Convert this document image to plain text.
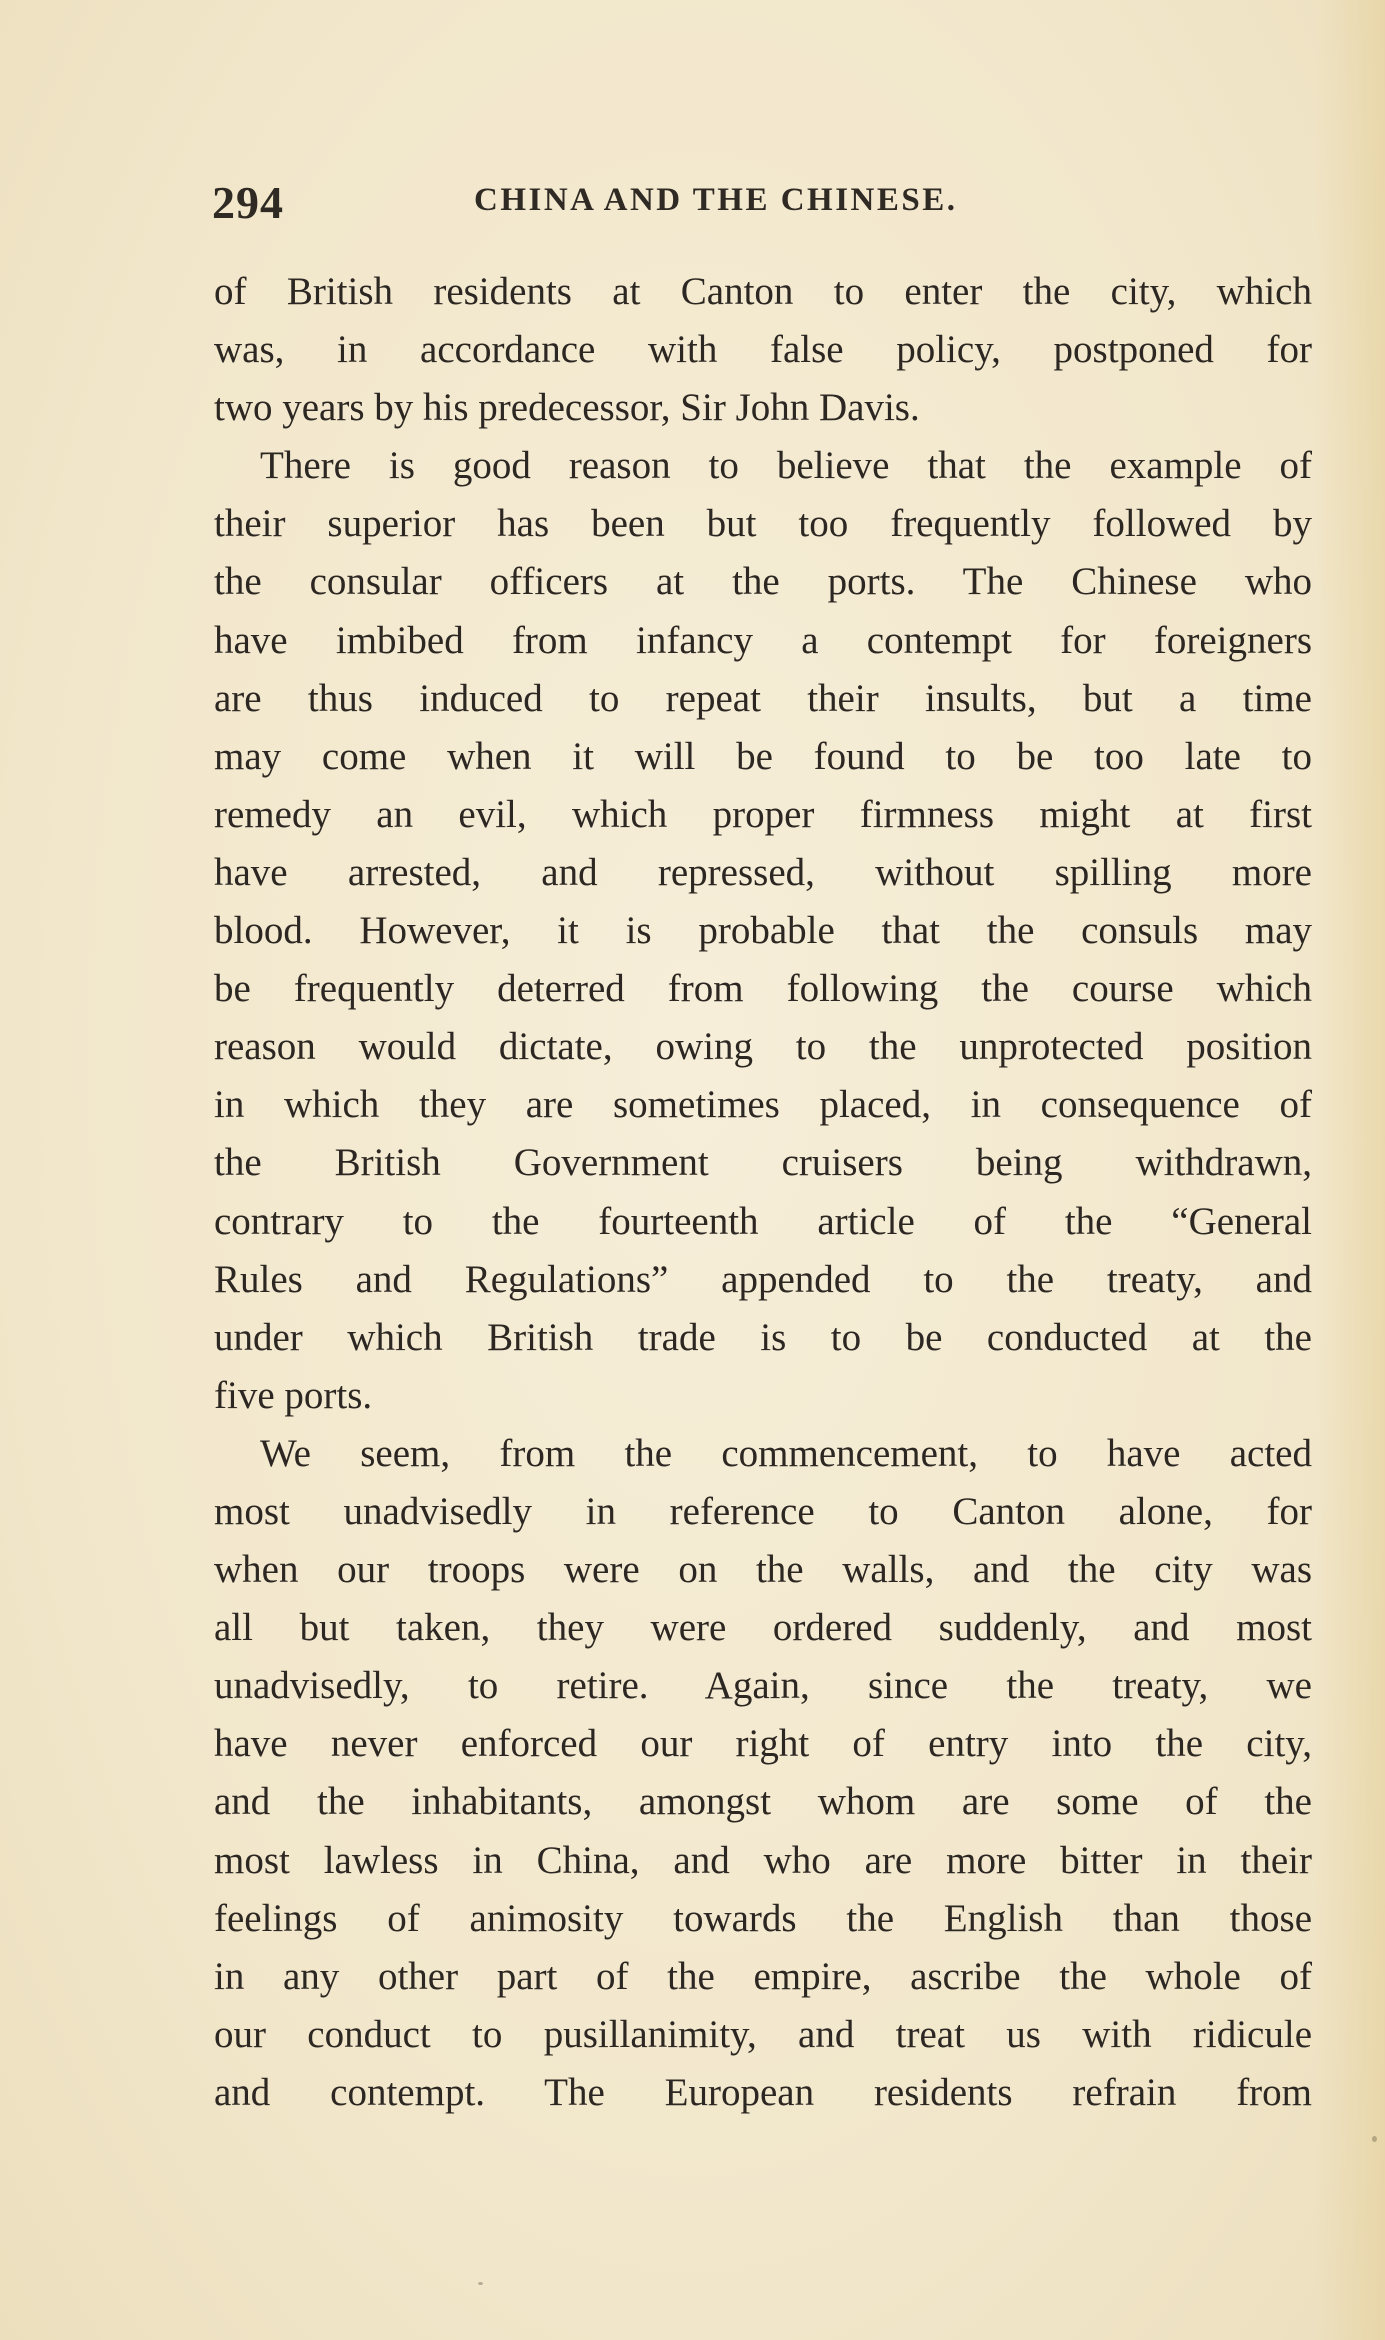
294	CHINA AND THE CHINESE.
of British residents at Canton to enter the city, which
was, in accordance with false policy, postponed for
two years by his predecessor, Sir John Davis.
There is good reason to believe that the example of
their superior has been but too frequently followed by
the consular officers at the ports. The Chinese who
have imbibed from infancy a contempt for foreigners
are thus induced to repeat their insults, but a time
may come when it will be found to be too late to
remedy an evil, which proper firmness might at first
have arrested, and repressed, without spilling more
blood. However, it is probable that the consuls may
be frequently deterred from following the course which
reason would dictate, owing to the unprotected position
in which they are sometimes placed, in consequence of
the British Government cruisers being withdrawn,
contrary to the fourteenth article of the “General
Rules and Regulations” appended to the treaty, and
under which British trade is to be conducted at the
five ports.
We seem, from the commencement, to have acted
most unadvisedly in reference to Canton alone, for
when our troops were on the walls, and the city was
all but taken, they were ordered suddenly, and most
unadvisedly, to retire. Again, since the treaty, we
have never enforced our right of entry into the city,
and the inhabitants, amongst whom are some of the
most lawless in China, and who are more bitter in their
feelings of animosity towards the English than those
in any other part of the empire, ascribe the whole of
our conduct to pusillanimity, and treat us with ridicule
and contempt. The European residents refrain from
